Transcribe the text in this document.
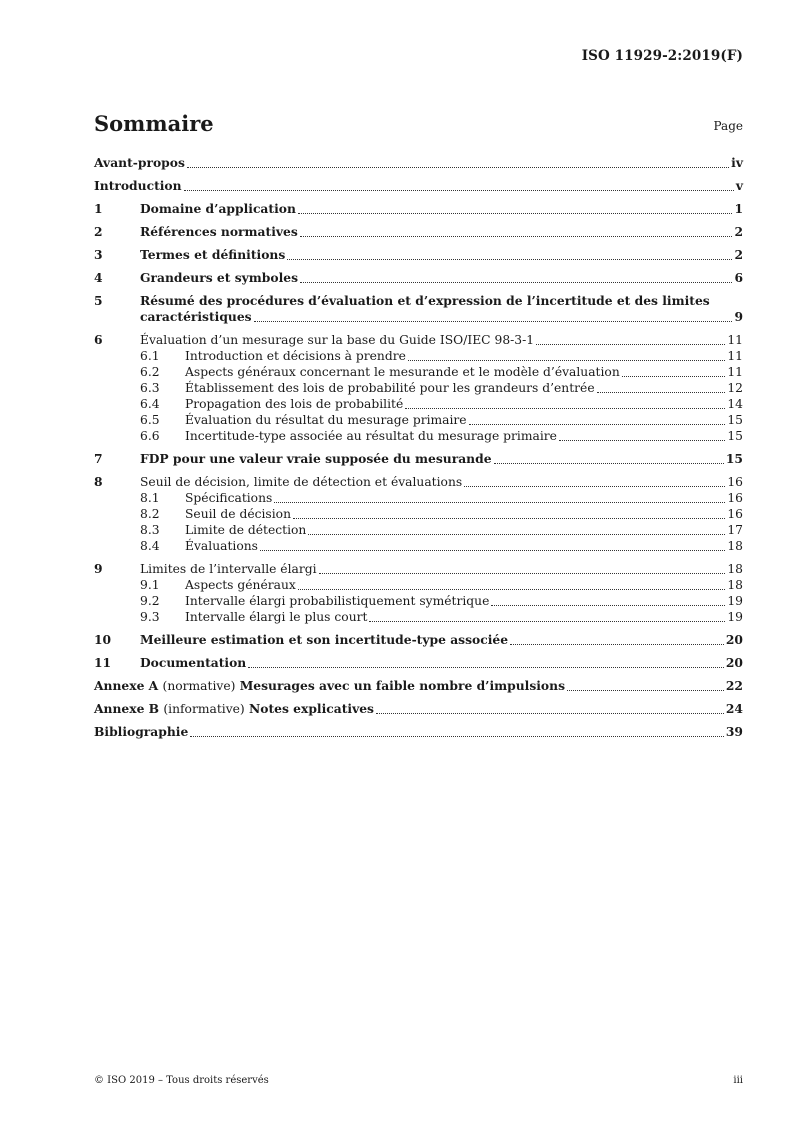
ISO 11929-2:2019(F)
Sommaire	Page
Avant-propos	iv
Introduction	v
1	Domaine d’application	1
2	Références normatives	2
3	Termes et définitions	2
4	Grandeurs et symboles	6
5	Résumé des procédures d’évaluation et d’expression de l’incertitude et des limites
caractéristiques	9
6	Évaluation d’un mesurage sur la base du Guide ISO/IEC 98-3-1	11
6.1	Introduction et décisions à prendre	11
6.2	Aspects généraux concernant le mesurande et le modèle d’évaluation	11
6.3	Établissement des lois de probabilité pour les grandeurs d’entrée	12
6.4	Propagation des lois de probabilité	14
6.5	Évaluation du résultat du mesurage primaire	15
6.6	Incertitude-type associée au résultat du mesurage primaire	15
7	FDP pour une valeur vraie supposée du mesurande	15
8	Seuil de décision, limite de détection et évaluations	16
8.1	Spécifications	16
8.2	Seuil de décision	16
8.3	Limite de détection	17
8.4	Évaluations	18
9	Limites de l’intervalle élargi	18
9.1	Aspects généraux	18
9.2	Intervalle élargi probabilistiquement symétrique	19
9.3	Intervalle élargi le plus court	19
10	Meilleure estimation et son incertitude-type associée	20
11	Documentation	20
Annexe A (normative) Mesurages avec un faible nombre d’impulsions	22
Annexe B (informative) Notes explicatives	24
Bibliographie	39
© ISO 2019 – Tous droits réservés	iii
